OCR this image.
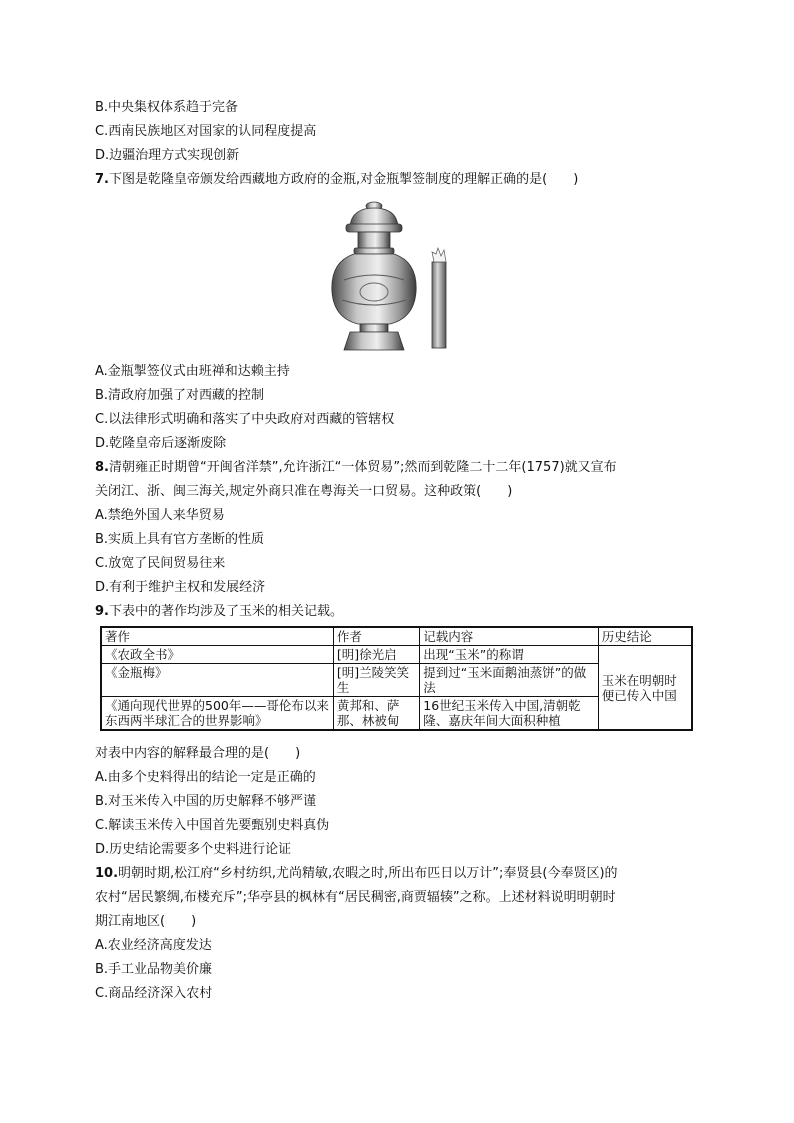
B.中央集权体系趋于完备
C.西南民族地区对国家的认同程度提高
D.边疆治理方式实现创新
7.下图是乾隆皇帝颁发给西藏地方政府的金瓶,对金瓶掣签制度的理解正确的是(　　)
A.金瓶掣签仪式由班禅和达赖主持
B.清政府加强了对西藏的控制
C.以法律形式明确和落实了中央政府对西藏的管辖权
D.乾隆皇帝后逐渐废除
8.清朝雍正时期曾“开闽省洋禁”,允许浙江“一体贸易”;然而到乾隆二十二年(1757)就又宣布
关闭江、浙、闽三海关,规定外商只准在粤海关一口贸易。这种政策(　　)
A.禁绝外国人来华贸易
B.实质上具有官方垄断的性质
C.放宽了民间贸易往来
D.有利于维护主权和发展经济
9.下表中的著作均涉及了玉米的相关记载。
著作	作者	记载内容	历史结论
《农政全书》	[明]徐光启	出现“玉米”的称谓	玉米在明朝时便已传入中国
《金瓶梅》	[明]兰陵笑笑生	提到过“玉米面鹅油蒸饼”的做法	
《通向现代世界的500年——哥伦布以来东西两半球汇合的世界影响》	黄邦和、萨那、林被甸	16世纪玉米传入中国,清朝乾隆、嘉庆年间大面积种植	
对表中内容的解释最合理的是(　　)
A.由多个史料得出的结论一定是正确的
B.对玉米传入中国的历史解释不够严谨
C.解读玉米传入中国首先要甄别史料真伪
D.历史结论需要多个史料进行论证
10.明朝时期,松江府“乡村纺织,尤尚精敏,农暇之时,所出布匹日以万计”;奉贤县(今奉贤区)的
农村“居民繁绸,布楼充斥”;华亭县的枫林有“居民稠密,商贾辐辏”之称。上述材料说明明朝时
期江南地区(　　)
A.农业经济高度发达
B.手工业品物美价廉
C.商品经济深入农村
